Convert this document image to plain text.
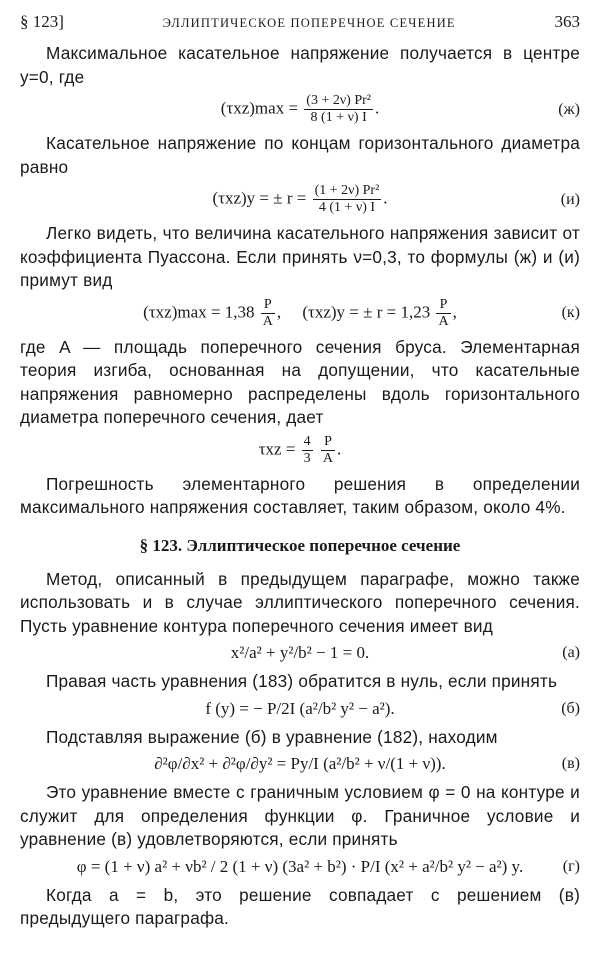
§ 123]	ЭЛЛИПТИЧЕСКОЕ ПОПЕРЕЧНОЕ СЕЧЕНИЕ	363

Максимальное касательное напряжение получается в центре y=0, где

$(\tau xz)\max = \frac{\text{(3 + 2ν) Pr²}}{8 (1 + \nu) I}$ .	(ж)

Касательное напряжение по концам горизонтального диаметра равно

(τxz)y = ± $r = \frac{\text{(1 + 2ν) Pr²}}{4 (1 + \nu) I}$ .	(и)

Легко видеть, что величина касательного напряжения зависит от коэффициента Пуассона. Если принять ν=0,3, то формулы (ж) и (и) примут вид

$(\tau xz)\max = 1,38 \frac{P}{A}$ ,     (τxz)y = ± $r = 1,23 \frac{P}{A}$ ,	(к)

где A — площадь поперечного сечения бруса. Элементарная теория изгиба, основанная на допущении, что касательные напряжения равномерно распределены вдоль горизонтального диаметра поперечного сечения, дает

$\tau xz = \frac{4}{3}$
$\frac{P}{A}$ .

Погрешность элементарного решения в определении максимального напряжения составляет, таким образом, около 4%.

§ 123. Эллиптическое поперечное сечение

Метод, описанный в предыдущем параграфе, можно также использовать и в случае эллиптического поперечного сечения. Пусть уравнение контура поперечного сечения имеет вид

x²/a² + y²/b² − 1 = 0.	(а)

Правая часть уравнения (183) обратится в нуль, если принять

f (y) = − P/2I (a²/b² y² − a²).	(б)

Подставляя выражение (б) в уравнение (182), находим

∂²φ/∂x² + ∂²φ/∂y² = Py/I (a²/b² + ν/(1 + ν)).	(в)

Это уравнение вместе с граничным условием φ = 0 на контуре и служит для определения функции φ. Граничное условие и уравнение (в) удовлетворяются, если принять

φ = (1 + ν) a² + νb² / 2 (1 + ν) (3a² + b²) · P/I (x² + a²/b² y² − a²) y. (г)

Когда a = b, это решение совпадает с решением (в) предыдущего параграфа.
